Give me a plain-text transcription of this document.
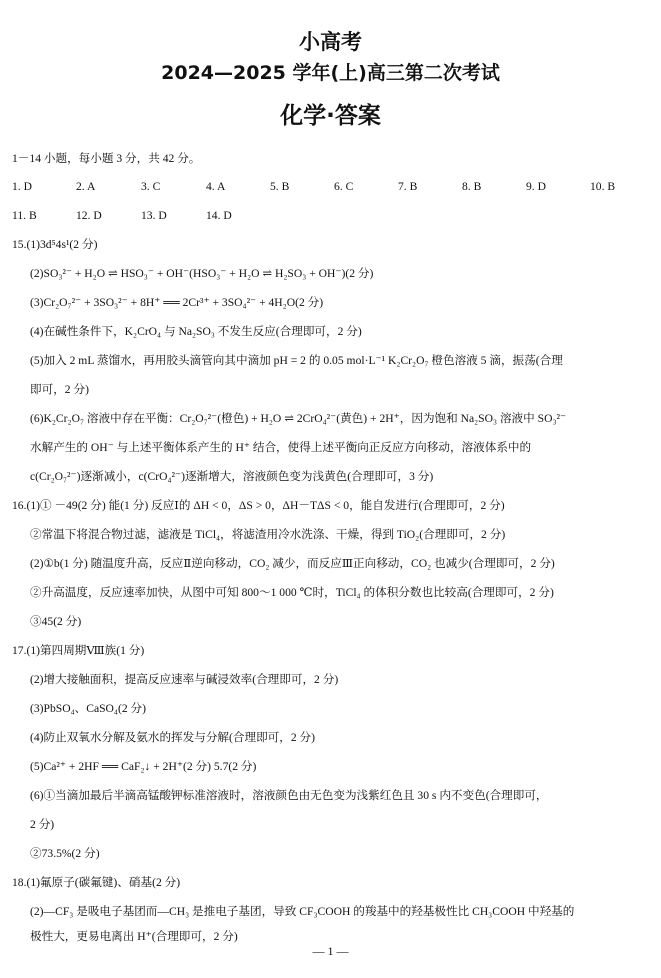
小高考
2024—2025 学年(上)高三第二次考试
化学·答案
1－14 小题，每小题 3 分，共 42 分。
1. D	2. A	3. C	4. A	5. B	6. C	7. B	8. B	9. D	10. B
11. B	12. D	13. D	14. D
15.(1)3d⁵4s¹(2 分)
(2)SO₃²⁻ + H₂O ⇌ HSO₃⁻ + OH⁻(HSO₃⁻ + H₂O ⇌ H₂SO₃ + OH⁻)(2 分)
(3)Cr₂O₇²⁻ + 3SO₃²⁻ + 8H⁺ ══ 2Cr³⁺ + 3SO₄²⁻ + 4H₂O(2 分)
(4)在碱性条件下，K₂CrO₄ 与 Na₂SO₃ 不发生反应(合理即可，2 分)
(5)加入 2 mL 蒸馏水，再用胶头滴管向其中滴加 pH = 2 的 0.05 mol·L⁻¹ K₂Cr₂O₇ 橙色溶液 5 滴，振荡(合理
即可，2 分)
(6)K₂Cr₂O₇ 溶液中存在平衡：Cr₂O₇²⁻(橙色) + H₂O ⇌ 2CrO₄²⁻(黄色) + 2H⁺，因为饱和 Na₂SO₃ 溶液中 SO₃²⁻
水解产生的 OH⁻ 与上述平衡体系产生的 H⁺ 结合，使得上述平衡向正反应方向移动，溶液体系中的
c(Cr₂O₇²⁻)逐渐减小，c(CrO₄²⁻)逐渐增大，溶液颜色变为浅黄色(合理即可，3 分)
16.(1)① －49(2 分) 能(1 分) 反应Ⅰ的 ΔH < 0，ΔS > 0，ΔH－TΔS < 0，能自发进行(合理即可，2 分)
②常温下将混合物过滤，滤液是 TiCl₄，将滤渣用冷水洗涤、干燥，得到 TiO₂(合理即可，2 分)
(2)①b(1 分) 随温度升高，反应Ⅱ逆向移动，CO₂ 减少，而反应Ⅲ正向移动，CO₂ 也减少(合理即可，2 分)
②升高温度，反应速率加快，从图中可知 800～1 000 ℃时，TiCl₄ 的体积分数也比较高(合理即可，2 分)
③45(2 分)
17.(1)第四周期Ⅷ族(1 分)
(2)增大接触面积，提高反应速率与碱浸效率(合理即可，2 分)
(3)PbSO₄、CaSO₄(2 分)
(4)防止双氧水分解及氨水的挥发与分解(合理即可，2 分)
(5)Ca²⁺ + 2HF ══ CaF₂↓ + 2H⁺(2 分) 5.7(2 分)
(6)①当滴加最后半滴高锰酸钾标准溶液时，溶液颜色由无色变为浅紫红色且 30 s 内不变色(合理即可，
2 分)
②73.5%(2 分)
18.(1)氟原子(碳氟键)、硝基(2 分)
(2)—CF₃ 是吸电子基团而—CH₃ 是推电子基团，导致 CF₃COOH 的羧基中的羟基极性比 CH₃COOH 中羟基的
极性大，更易电离出 H⁺(合理即可，2 分)
— 1 —
